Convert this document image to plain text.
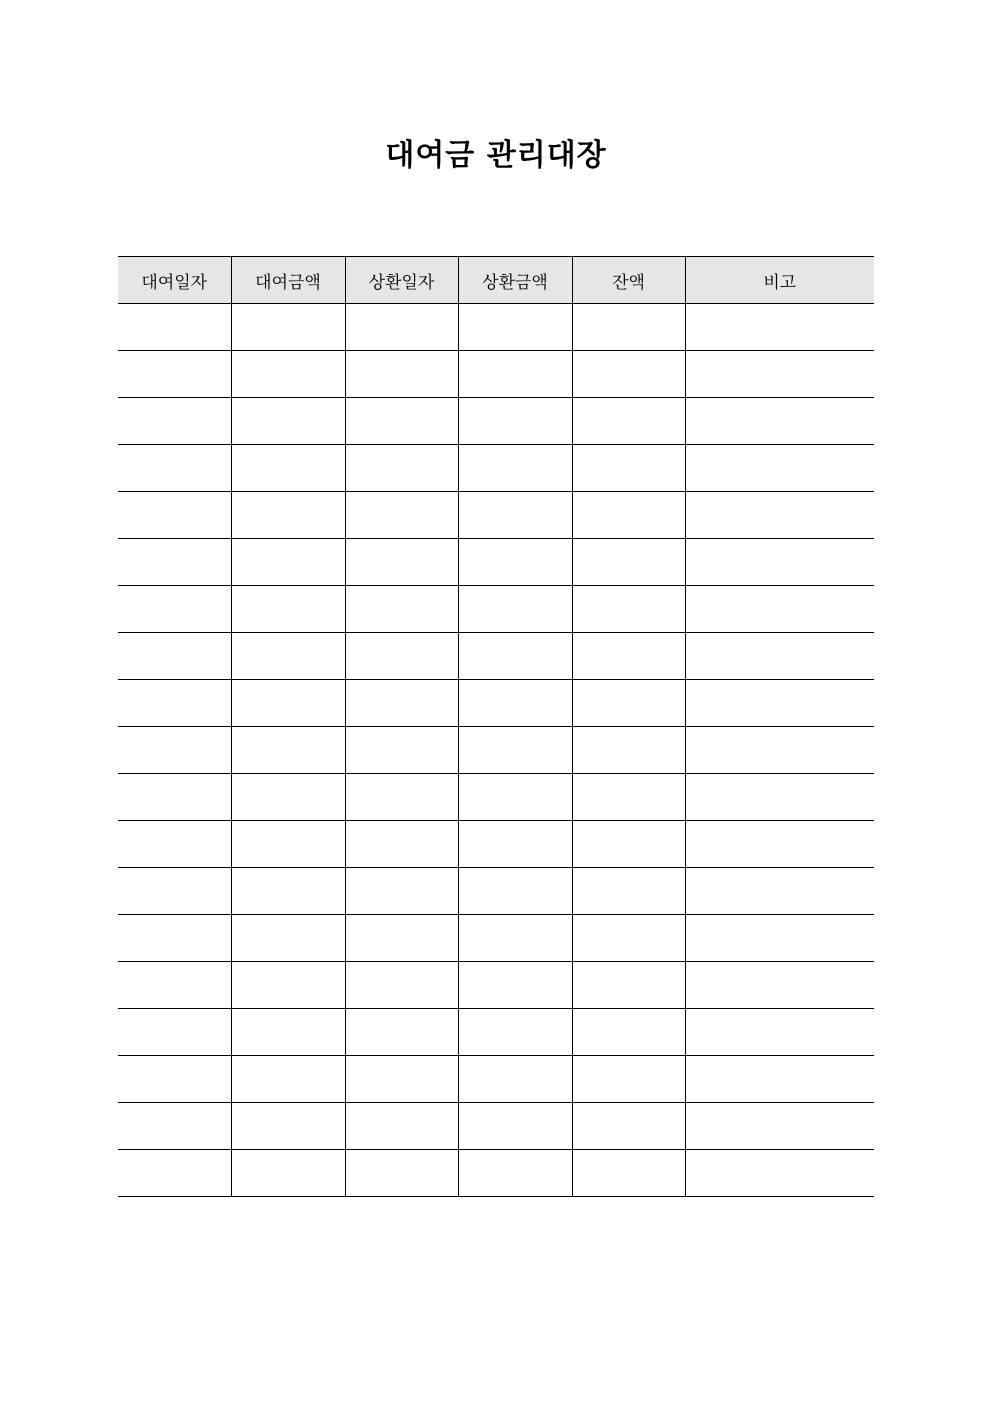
대여금 관리대장
대여일자	대여금액	상환일자	상환금액	잔액	비고
